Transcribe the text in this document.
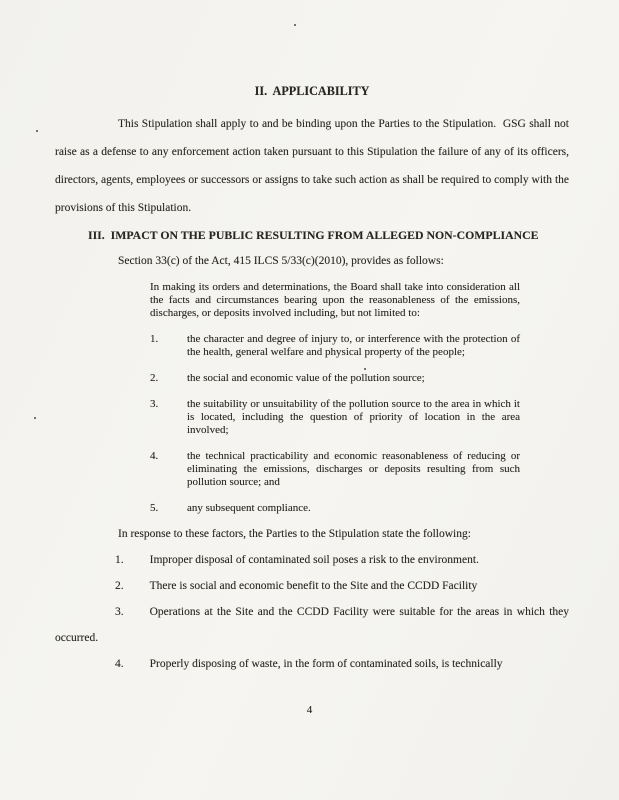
II.  APPLICABILITY

This Stipulation shall apply to and be binding upon the Parties to the Stipulation.  GSG shall not raise as a defense to any enforcement action taken pursuant to this Stipulation the failure of any of its officers, directors, agents, employees or successors or assigns to take such action as shall be required to comply with the provisions of this Stipulation.

III.  IMPACT ON THE PUBLIC RESULTING FROM ALLEGED NON-COMPLIANCE

Section 33(c) of the Act, 415 ILCS 5/33(c)(2010), provides as follows:

In making its orders and determinations, the Board shall take into consideration all the facts and circumstances bearing upon the reasonableness of the emissions, discharges, or deposits involved including, but not limited to:

1.	the character and degree of injury to, or interference with the protection of the health, general welfare and physical property of the people;
2.	the social and economic value of the pollution source;
3.	the suitability or unsuitability of the pollution source to the area in which it is located, including the question of priority of location in the area involved;
4.	the technical practicability and economic reasonableness of reducing or eliminating the emissions, discharges or deposits resulting from such pollution source; and
5.	any subsequent compliance.

In response to these factors, the Parties to the Stipulation state the following:

1. Improper disposal of contaminated soil poses a risk to the environment.

2. There is social and economic benefit to the Site and the CCDD Facility

3. Operations at the Site and the CCDD Facility were suitable for the areas in which they occurred.

4. Properly disposing of waste, in the form of contaminated soils, is technically

4
